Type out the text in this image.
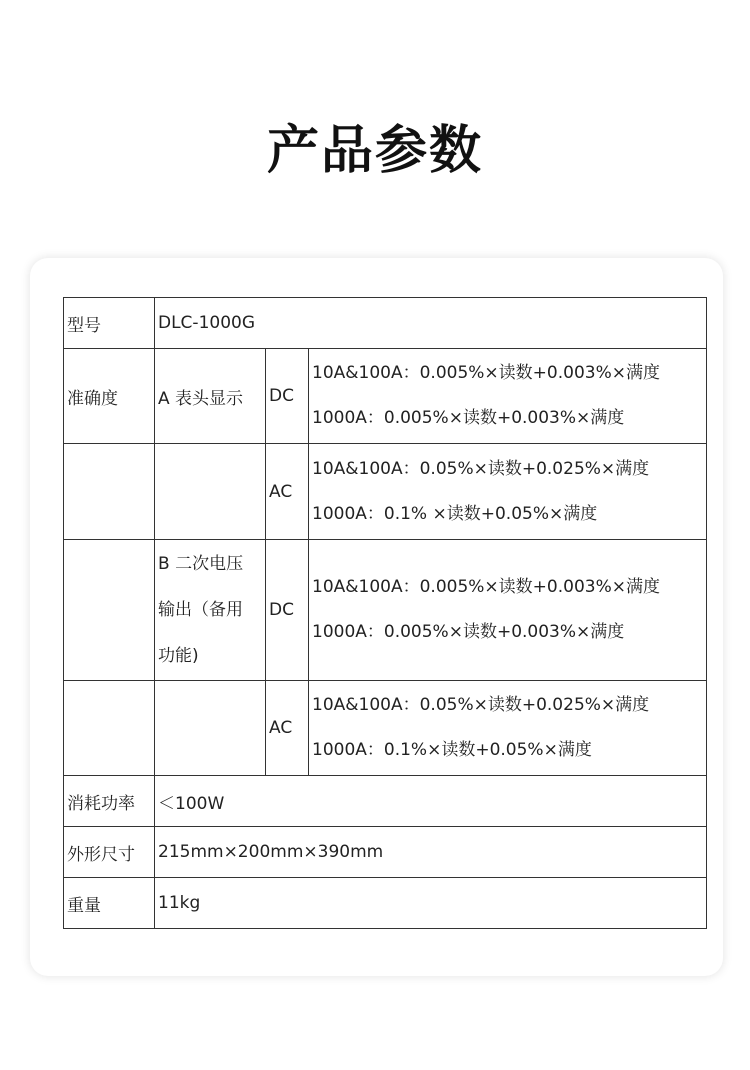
产品参数
型号	DLC-1000G		
准确度	A 表头显示	DC	10A&100A：0.005%×读数+0.003%×满度
1000A：0.005%×读数+0.003%×满度

		AC	10A&100A：0.05%×读数+0.025%×满度
1000A：0.1% ×读数+0.05%×满度

	B 二次电压
输出（备用
功能)	DC	10A&100A：0.005%×读数+0.003%×满度
1000A：0.005%×读数+0.003%×满度

		AC	10A&100A：0.05%×读数+0.025%×满度
1000A：0.1%×读数+0.05%×满度

消耗功率	＜100W		
外形尺寸	215mm×200mm×390mm		
重量	11kg		
